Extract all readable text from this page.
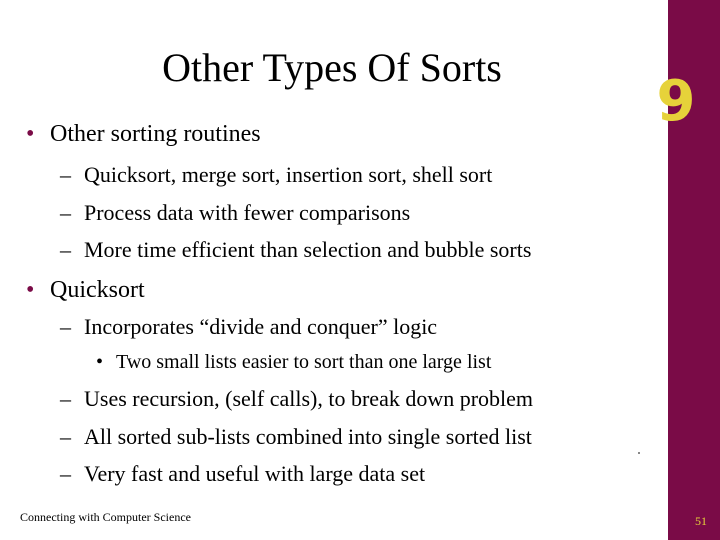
9
Other Types Of Sorts
• Other sorting routines
– Quicksort, merge sort, insertion sort, shell sort
– Process data with fewer comparisons
– More time efficient than selection and bubble sorts
• Quicksort
– Incorporates “divide and conquer” logic
• Two small lists easier to sort than one large list
– Uses recursion, (self calls), to break down problem
– All sorted sub-lists combined into single sorted list
– Very fast and useful with large data set
Connecting with Computer Science	51
